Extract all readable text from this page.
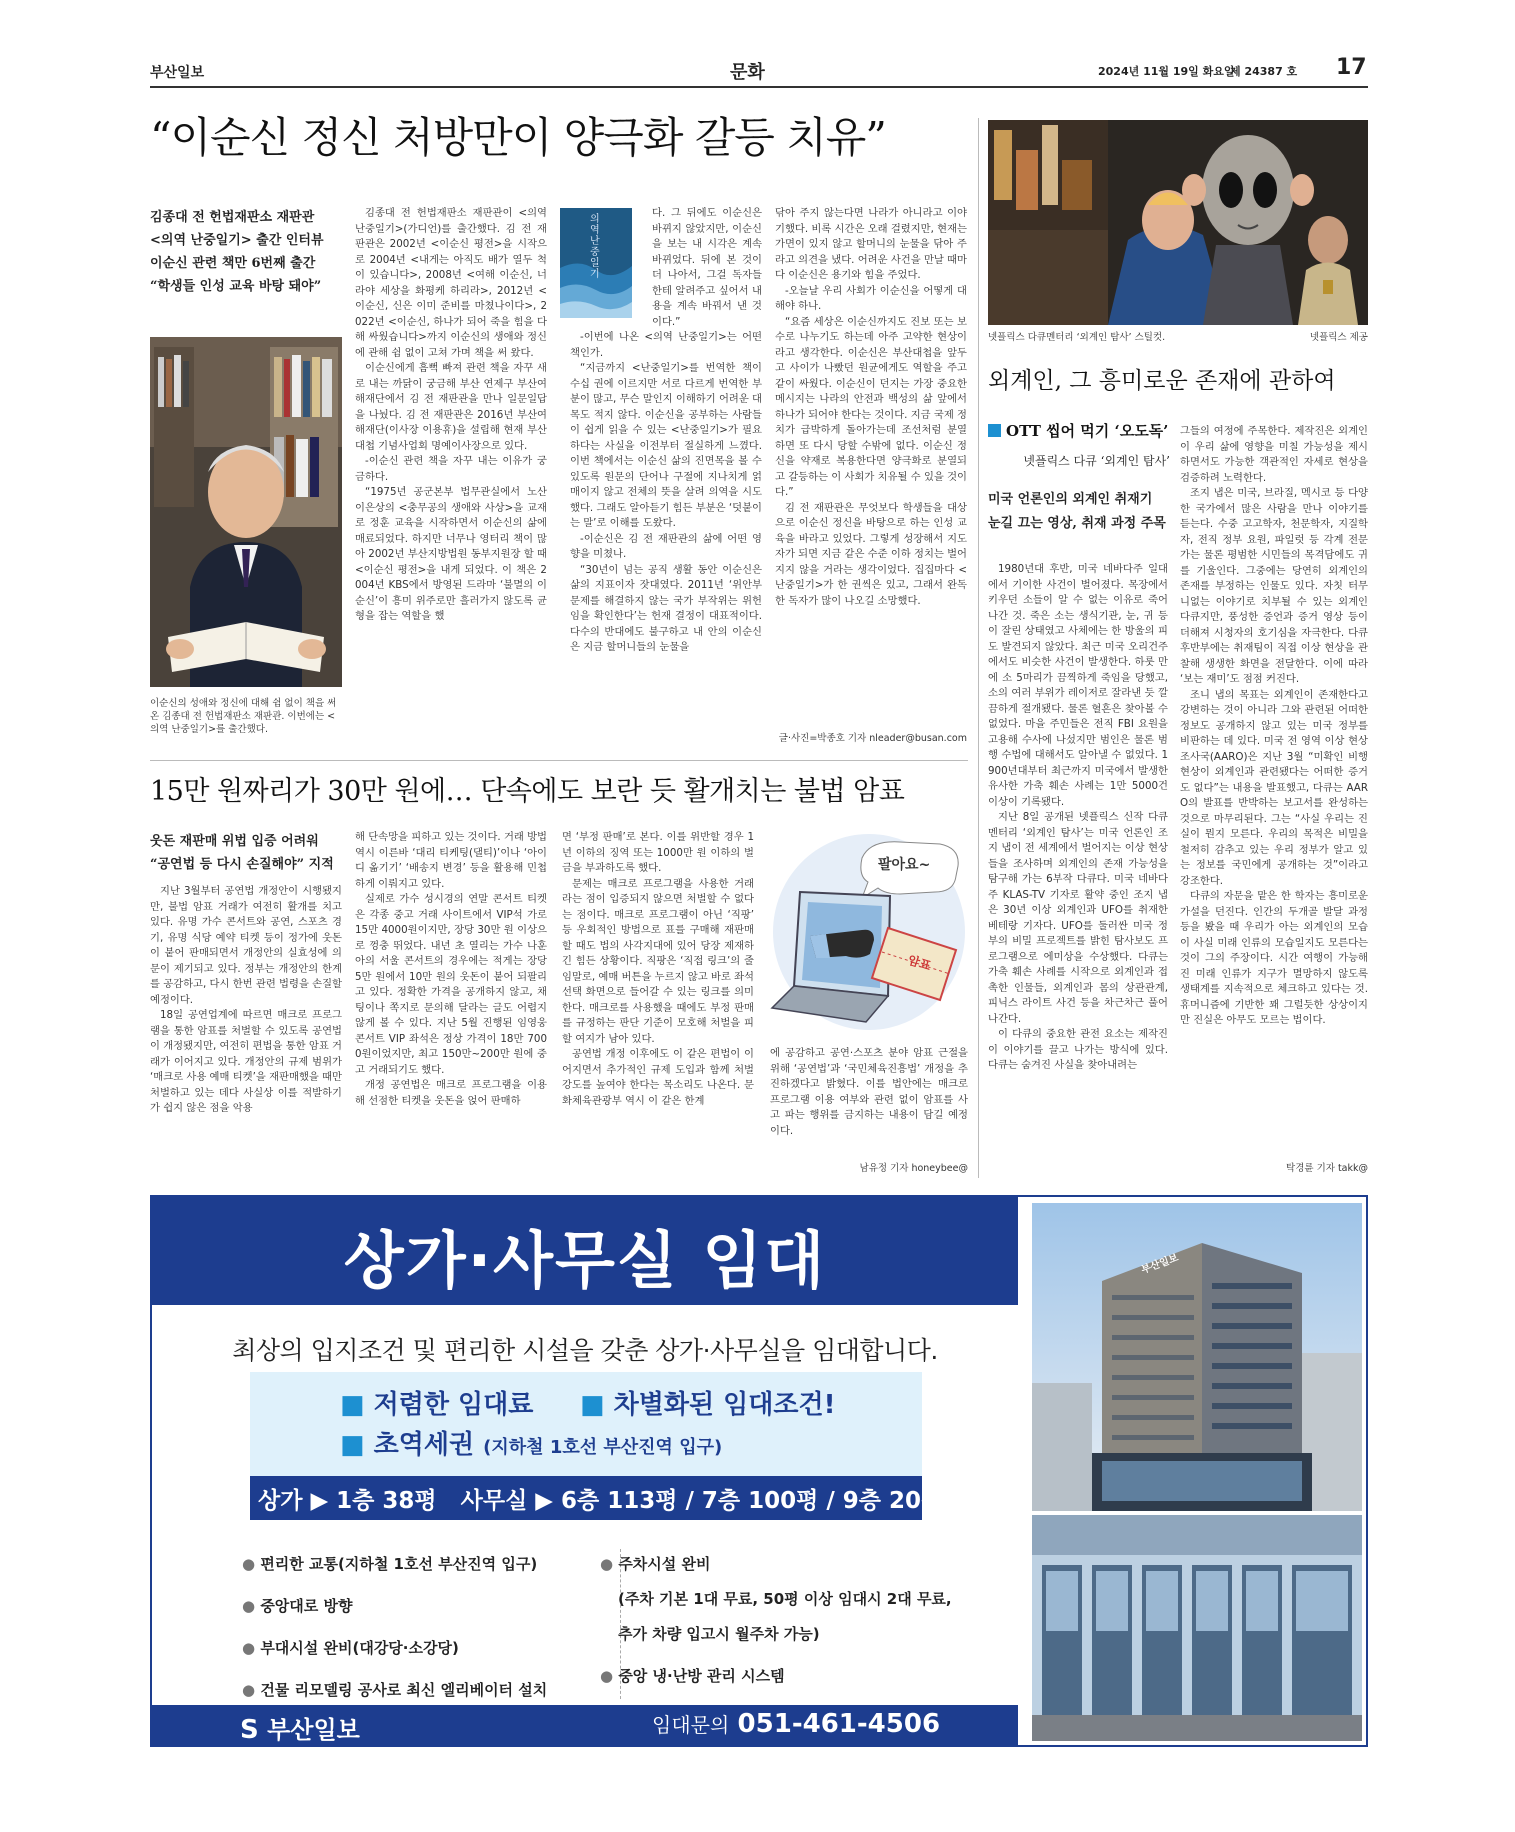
부산일보	문화	2024년 11월 19일 화요일
제 24387 호 17
“이순신 정신 처방만이 양극화 갈등 치유”
김종대 전 헌법재판소 재판관
<의역 난중일기> 출간 인터뷰
이순신 관련 책만 6번째 출간
“학생들 인성 교육 바탕 돼야”
이순신의 성애와 정신에 대해 쉼 없이 책을 써 온 김종대 전 헌법재판소 재판관. 이번에는 <의역 난중일기>를 출간했다.

김종대 전 헌법재판소 재판관이 <의역 난중일기>(가디언)를 출간했다. 김 전 재판관은 2002년 <이순신 평전>을 시작으로 2004년 <내게는 아직도 배가 열두 척이 있습니다>, 2008년 <여해 이순신, 너라야 세상을 화평케 하리라>, 2012년 <이순신, 신은 이미 준비를 마쳤나이다>, 2022년 <이순신, 하나가 되어 죽을 힘을 다해 싸웠습니다>까지 이순신의 생애와 정신에 관해 쉼 없이 고쳐 가며 책을 써 왔다.

이순신에게 흠뻑 빠져 관련 책을 자꾸 새로 내는 까닭이 궁금해 부산 연제구 부산여해재단에서 김 전 재판관을 만나 일문일답을 나눴다. 김 전 재판관은 2016년 부산여해재단(이사장 이용휴)을 설립해 현재 부산대첩 기념사업회 명예이사장으로 있다.

-이순신 관련 책을 자꾸 내는 이유가 궁금하다.

“1975년 공군본부 법무관실에서 노산 이은상의 <충무공의 생애와 사상>을 교재로 정훈 교육을 시작하면서 이순신의 삶에 매료되었다. 하지만 너무나 영터리 책이 많아 2002년 부산지방법원 동부지원장 할 때 <이순신 평전>을 내게 되었다. 이 책은 2004년 KBS에서 방영된 드라마 ‘불멸의 이순신’이 흥미 위주로만 흘러가지 않도록 균형을 잡는 역할을 했

의역 난중일기

다. 그 뒤에도 이순신은 바뀌지 않았지만, 이순신을 보는 내 시각은 계속 바뀌었다. 뒤에 본 것이 더 나아서, 그걸 독자들한테 알려주고 싶어서 내용을 계속 바꿔서 낸 것이다.”

-이번에 나온 <의역 난중일기>는 어떤 책인가.

“지금까지 <난중일기>를 번역한 책이 수십 권에 이르지만 서로 다르게 번역한 부분이 많고, 무슨 말인지 이해하기 어려운 대목도 적지 않다. 이순신을 공부하는 사람들이 쉽게 읽을 수 있는 <난중일기>가 필요하다는 사실을 이전부터 절실하게 느꼈다. 이번 책에서는 이순신 삶의 진면목을 볼 수 있도록 원문의 단어나 구절에 지나치게 얽매이지 않고 전체의 뜻을 살려 의역을 시도했다. 그래도 알아듣기 힘든 부분은 ‘덧붙이는 말’로 이해를 도왔다.

-이순신은 김 전 재판관의 삶에 어떤 영향을 미쳤나.

“30년이 넘는 공직 생활 동안 이순신은 삶의 지표이자 잣대였다. 2011년 ‘위안부 문제를 해결하지 않는 국가 부작위는 위헌임을 확인한다’는 헌재 결정이 대표적이다. 다수의 반대에도 불구하고 내 안의 이순신은 지금 할머니들의 눈물을

닦아 주지 않는다면 나라가 아니라고 이야기했다. 비록 시간은 오래 걸렸지만, 현재는 가면이 있지 않고 할머니의 눈물을 닦아 주라고 의견을 냈다. 어려운 사건을 만날 때마다 이순신은 용기와 힘을 주었다.

-오늘날 우리 사회가 이순신을 어떻게 대해야 하나.

“요즘 세상은 이순신까지도 진보 또는 보수로 나누기도 하는데 아주 고약한 현상이라고 생각한다. 이순신은 부산대첩을 앞두고 사이가 나빴던 원균에게도 역할을 주고 같이 싸웠다. 이순신이 던지는 가장 중요한 메시지는 나라의 안전과 백성의 삶 앞에서 하나가 되어야 한다는 것이다. 지금 국제 정치가 급박하게 돌아가는데 조선처럼 분열하면 또 다시 당할 수밖에 없다. 이순신 정신을 약재로 복용한다면 양극화로 분열되고 갈등하는 이 사회가 치유될 수 있을 것이다.”

김 전 재판관은 무엇보다 학생들을 대상으로 이순신 정신을 바탕으로 하는 인성 교육을 바라고 있었다. 그렇게 성장해서 지도자가 되면 지금 같은 수준 이하 정치는 벌어지지 않을 거라는 생각이었다. 집집마다 <난중일기>가 한 권씩은 있고, 그래서 완독한 독자가 많이 나오길 소망했다.

글·사진=박종호 기자 nleader@busan.com
넷플릭스 다큐멘터리 ‘외계인 탐사’ 스틸컷.	넷플릭스 제공
외계인, 그 흥미로운 존재에 관하여
OTT 씹어 먹기 ‘오도독’
넷플릭스 다큐 ‘외계인 탐사’
미국 언론인의 외계인 취재기
눈길 끄는 영상, 취재 과정 주목

1980년대 후반, 미국 네바다주 일대에서 기이한 사건이 벌어졌다. 목장에서 키우던 소들이 알 수 없는 이유로 죽어 나간 것. 죽은 소는 생식기관, 눈, 귀 등이 잘린 상태였고 사체에는 한 방울의 피도 발견되지 않았다. 최근 미국 오리건주에서도 비슷한 사건이 발생한다. 하룻 만에 소 5마리가 끔찍하게 죽임을 당했고, 소의 여러 부위가 레이저로 잘라낸 듯 깔끔하게 절개됐다. 물론 혈흔은 찾아볼 수 없었다. 마을 주민들은 전직 FBI 요원을 고용해 수사에 나섰지만 범인은 물론 범행 수법에 대해서도 알아낼 수 없었다. 1900년대부터 최근까지 미국에서 발생한 유사한 가축 훼손 사례는 1만 5000건 이상이 기록됐다.

지난 8일 공개된 넷플릭스 신작 다큐멘터리 ‘외계인 탐사’는 미국 언론인 조지 냅이 전 세계에서 벌어지는 이상 현상들을 조사하며 외계인의 존재 가능성을 탐구해 가는 6부작 다큐다. 미국 네바다주 KLAS-TV 기자로 활약 중인 조지 냅은 30년 이상 외계인과 UFO를 취재한 베테랑 기자다. UFO를 둘러싼 미국 정부의 비밀 프로젝트를 밝힌 탐사보도 프로그램으로 에미상을 수상했다. 다큐는 가축 훼손 사례를 시작으로 외계인과 접촉한 인물들, 외계인과 몸의 상관관계, 피닉스 라이트 사건 등을 차근차근 풀어나간다.

이 다큐의 중요한 관전 요소는 제작진이 이야기를 끌고 나가는 방식에 있다. 다큐는 숨겨진 사실을 찾아내려는

그들의 여정에 주목한다. 제작진은 외계인이 우리 삶에 영향을 미칠 가능성을 제시하면서도 가능한 객관적인 자세로 현상을 검증하려 노력한다.

조지 냅은 미국, 브라질, 멕시코 등 다양한 국가에서 많은 사람을 만나 이야기를 듣는다. 수중 고고학자, 천문학자, 지질학자, 전직 정부 요원, 파일럿 등 각계 전문가는 물론 평범한 시민들의 목격담에도 귀를 기울인다. 그중에는 당연히 외계인의 존재를 부정하는 인물도 있다. 자칫 터무니없는 이야기로 치부될 수 있는 외계인 다큐지만, 풍성한 증언과 증거 영상 등이 더해져 시청자의 호기심을 자극한다. 다큐 후반부에는 취재팀이 직접 이상 현상을 관찰해 생생한 화면을 전달한다. 이에 따라 ‘보는 재미’도 점점 커진다.

조니 냅의 목표는 외계인이 존재한다고 강변하는 것이 아니라 그와 관련된 어떠한 정보도 공개하지 않고 있는 미국 정부를 비판하는 데 있다. 미국 전 영역 이상 현상 조사국(AARO)은 지난 3월 “미확인 비행현상이 외계인과 관련됐다는 어떠한 증거도 없다”는 내용을 발표했고, 다큐는 AARO의 발표를 반박하는 보고서를 완성하는 것으로 마무리된다. 그는 “사실 우리는 진실이 뭔지 모른다. 우리의 목적은 비밀을 철저히 감추고 있는 우리 정부가 알고 있는 정보를 국민에게 공개하는 것”이라고 강조한다.

다큐의 자문을 맡은 한 학자는 흥미로운 가설을 던진다. 인간의 두개골 발달 과정 등을 봤을 때 우리가 아는 외계인의 모습이 사실 미래 인류의 모습일지도 모른다는 것이 그의 주장이다. 시간 여행이 가능해진 미래 인류가 지구가 멸망하지 않도록 생태계를 지속적으로 체크하고 있다는 것. 휴머니즘에 기반한 꽤 그럴듯한 상상이지만 진실은 아무도 모르는 법이다.

탁경륜 기자 takk@
15만 원짜리가 30만 원에… 단속에도 보란 듯 활개치는 불법 암표
웃돈 재판매 위법 입증 어려워
“공연법 등 다시 손질해야” 지적

지난 3월부터 공연법 개정안이 시행됐지만, 불법 암표 거래가 여전히 활개를 치고 있다. 유명 가수 콘서트와 공연, 스포츠 경기, 유명 식당 예약 티켓 등이 정가에 웃돈이 붙어 판매되면서 개정안의 실효성에 의문이 제기되고 있다. 정부는 개정안의 한계를 공감하고, 다시 한번 관련 법령을 손질할 예정이다.

18일 공연업계에 따르면 매크로 프로그램을 통한 암표를 처벌할 수 있도록 공연법이 개정됐지만, 여전히 편법을 통한 암표 거래가 이어지고 있다. 개정안의 규제 범위가 ‘매크로 사용 예매 티켓’을 재판매했을 때만 처벌하고 있는 데다 사실상 이를 적발하기가 쉽지 않은 점을 악용

해 단속망을 피하고 있는 것이다. 거래 방법 역시 이른바 ‘대리 티케팅(댈티)’이나 ‘아이디 옮기기’ ‘배송지 변경’ 등을 활용해 민첩하게 이뤄지고 있다.

실제로 가수 성시경의 연말 콘서트 티켓은 각종 중고 거래 사이트에서 VIP석 가로 15만 4000원이지만, 장당 30만 원 이상으로 껑충 뛰었다. 내년 초 열리는 가수 나훈아의 서울 콘서트의 경우에는 적게는 장당 5만 원에서 10만 원의 웃돈이 붙어 되팔리고 있다. 정확한 가격을 공개하지 않고, 채팅이나 쪽지로 문의해 달라는 글도 어렵지 않게 볼 수 있다. 지난 5월 진행된 임영웅 콘서트 VIP 좌석은 정상 가격이 18만 7000원이었지만, 최고 150만~200만 원에 중고 거래되기도 했다.

개정 공연법은 매크로 프로그램을 이용해 선점한 티켓을 웃돈을 얹어 판매하

면 ‘부정 판매’로 본다. 이를 위반할 경우 1년 이하의 징역 또는 1000만 원 이하의 벌금을 부과하도록 했다.

문제는 매크로 프로그램을 사용한 거래라는 점이 입증되지 않으면 처벌할 수 없다는 점이다. 매크로 프로그램이 아닌 ‘직팡’ 등 우회적인 방법으로 표를 구매해 재판매할 때도 법의 사각지대에 있어 당장 제재하긴 힘든 상황이다. 직팡은 ‘직접 링크’의 줄임말로, 예매 버튼을 누르지 않고 바로 좌석 선택 화면으로 들어갈 수 있는 링크를 의미한다. 매크로를 사용했을 때에도 부정 판매를 규정하는 판단 기준이 모호해 처벌을 피할 여지가 남아 있다.

공연법 개정 이후에도 이 같은 편법이 이어지면서 추가적인 규제 도입과 함께 처벌 강도를 높여야 한다는 목소리도 나온다. 문화체육관광부 역시 이 같은 한계

팔아요~
암표

에 공감하고 공연·스포츠 분야 암표 근절을 위해 ‘공연법’과 ‘국민체육진흥법’ 개정을 추진하겠다고 밝혔다. 이를 법안에는 매크로 프로그램 이용 여부와 관련 없이 암표를 사고 파는 행위를 금지하는 내용이 담길 예정이다.

남유정 기자 honeybee@
상가·사무실 임대
최상의 입지조건 및 편리한 시설을 갖춘 상가·사무실을 임대합니다.
■ 저렴한 임대료 ■ 차별화된 임대조건!
■ 초역세권 (지하철 1호선 부산진역 입구)
상가 ▶ 1층 38평 사무실 ▶ 6층 113평 / 7층 100평 / 9층 20평
● 편리한 교통(지하철 1호선 부산진역 입구)
● 중앙대로 방향
● 부대시설 완비(대강당·소강당)
● 건물 리모델링 공사로 최신 엘리베이터 설치
● 주차시설 완비
(주차 기본 1대 무료, 50평 이상 임대시 2대 무료,
추가 차량 입고시 월주차 가능)
● 중앙 냉·난방 관리 시스템
부산일보
S 부산일보	임대문의 051-461-4506
